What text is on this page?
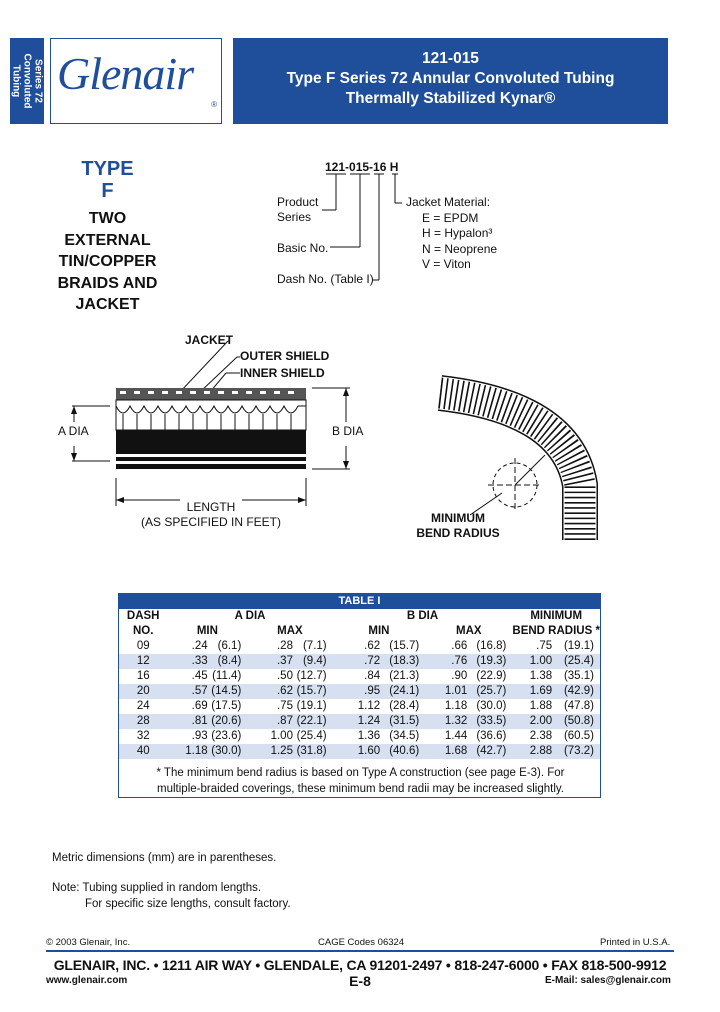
Series 72
Convoluted
Tubing Glenair
®
121-015
Type F Series 72 Annular Convoluted Tubing
Thermally Stabilized Kynar®
TYPE
F
TWO
EXTERNAL
TIN/COPPER
BRAIDS AND
JACKET
121-015-16 H
Product
Series
Basic No.
Dash No. (Table I)
Jacket Material:
E = EPDM
H = Hypalon³
N = Neoprene
V = Viton
JACKET
OUTER SHIELD
INNER SHIELD
A DIA	B DIA
LENGTH
(AS SPECIFIED IN FEET)	MINIMUM
BEND RADIUS
TABLE I
DASH	A DIA				B DIA				MINIMUM	
NO.	MIN		MAX		MIN		MAX		BEND RADIUS *	
09	.24	(6.1)	.28	(7.1)	.62	(15.7)	.66	(16.8)	.75	(19.1)
12	.33	(8.4)	.37	(9.4)	.72	(18.3)	.76	(19.3)	1.00	(25.4)
16	.45	(11.4)	.50	(12.7)	.84	(21.3)	.90	(22.9)	1.38	(35.1)
20	.57	(14.5)	.62	(15.7)	.95	(24.1)	1.01	(25.7)	1.69	(42.9)
24	.69	(17.5)	.75	(19.1)	1.12	(28.4)	1.18	(30.0)	1.88	(47.8)
28	.81	(20.6)	.87	(22.1)	1.24	(31.5)	1.32	(33.5)	2.00	(50.8)
32	.93	(23.6)	1.00	(25.4)	1.36	(34.5)	1.44	(36.6)	2.38	(60.5)
40	1.18	(30.0)	1.25	(31.8)	1.60	(40.6)	1.68	(42.7)	2.88	(73.2)
* The minimum bend radius is based on Type A construction (see page E-3). For
multiple-braided coverings, these minimum bend radii may be increased slightly.
Metric dimensions (mm) are in parentheses.
Note: Tubing supplied in random lengths.
For specific size lengths, consult factory.
© 2003 Glenair, Inc.	CAGE Codes 06324	Printed in U.S.A.
GLENAIR, INC. • 1211 AIR WAY • GLENDALE, CA 91201-2497 • 818-247-6000 • FAX 818-500-9912
www.glenair.com	E-8	E-Mail: sales@glenair.com
